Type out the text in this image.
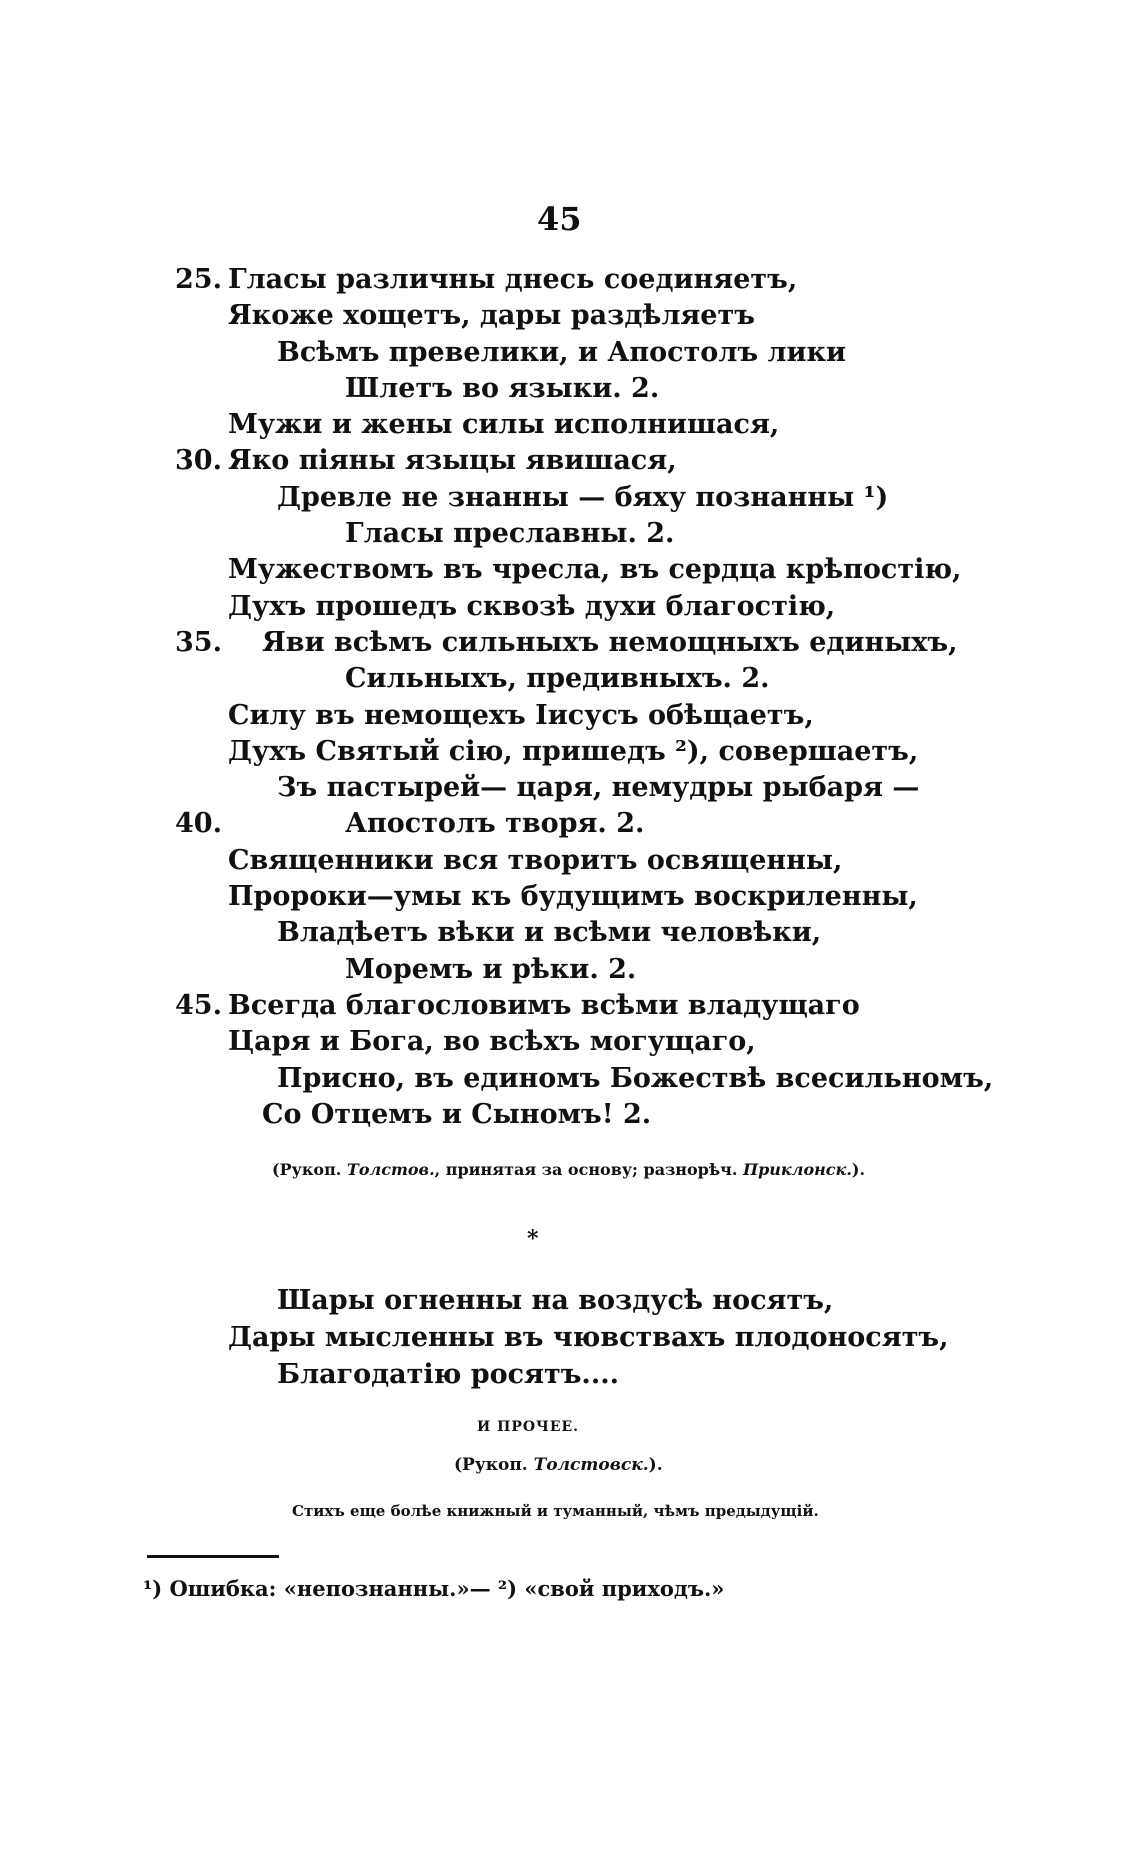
45
25. Гласы различны днесь соединяетъ,
Якоже хощетъ, дары раздѣляетъ
Всѣмъ превелики, и Апостолъ лики
Шлетъ во языки. 2.
Мужи и жены силы исполнишася,
30. Яко піяны языцы явишася,
Древле не знанны — бяху познанны ¹)
Гласы преславны. 2.
Мужествомъ въ чресла, въ сердца крѣпостію,
Духъ прошедъ сквозѣ духи благостію,
35. Яви всѣмъ сильныхъ немощныхъ единыхъ,
Сильныхъ, предивныхъ. 2.
Силу въ немощехъ Іисусъ обѣщаетъ,
Духъ Святый сію, пришедъ ²), совершаетъ,
Зъ пастырей— царя, немудры рыбаря —
40.	Апостолъ творя. 2.
Священники вся творитъ освященны,
Пророки—умы къ будущимъ воскриленны,
Владѣетъ вѣки и всѣми человѣки,
Моремъ и рѣки. 2.
45. Всегда благословимъ всѣми владущаго
Царя и Бога, во всѣхъ могущаго,
Присно, въ единомъ Божествѣ всесильномъ,
Со Отцемъ и Сыномъ! 2.
(Рукоп. Толстов., принятая за основу; разнорѣч. Приклонск.).
*
Шары огненны на воздусѣ носятъ,
Дары мысленны въ чювствахъ плодоносятъ,
Благодатію росятъ....
И ПРОЧЕЕ.
(Рукоп. Толстовск.).
Стихъ еще болѣе книжный и туманный, чѣмъ предыдущій.
¹) Ошибка: «непознанны.»— ²) «свой приходъ.»
